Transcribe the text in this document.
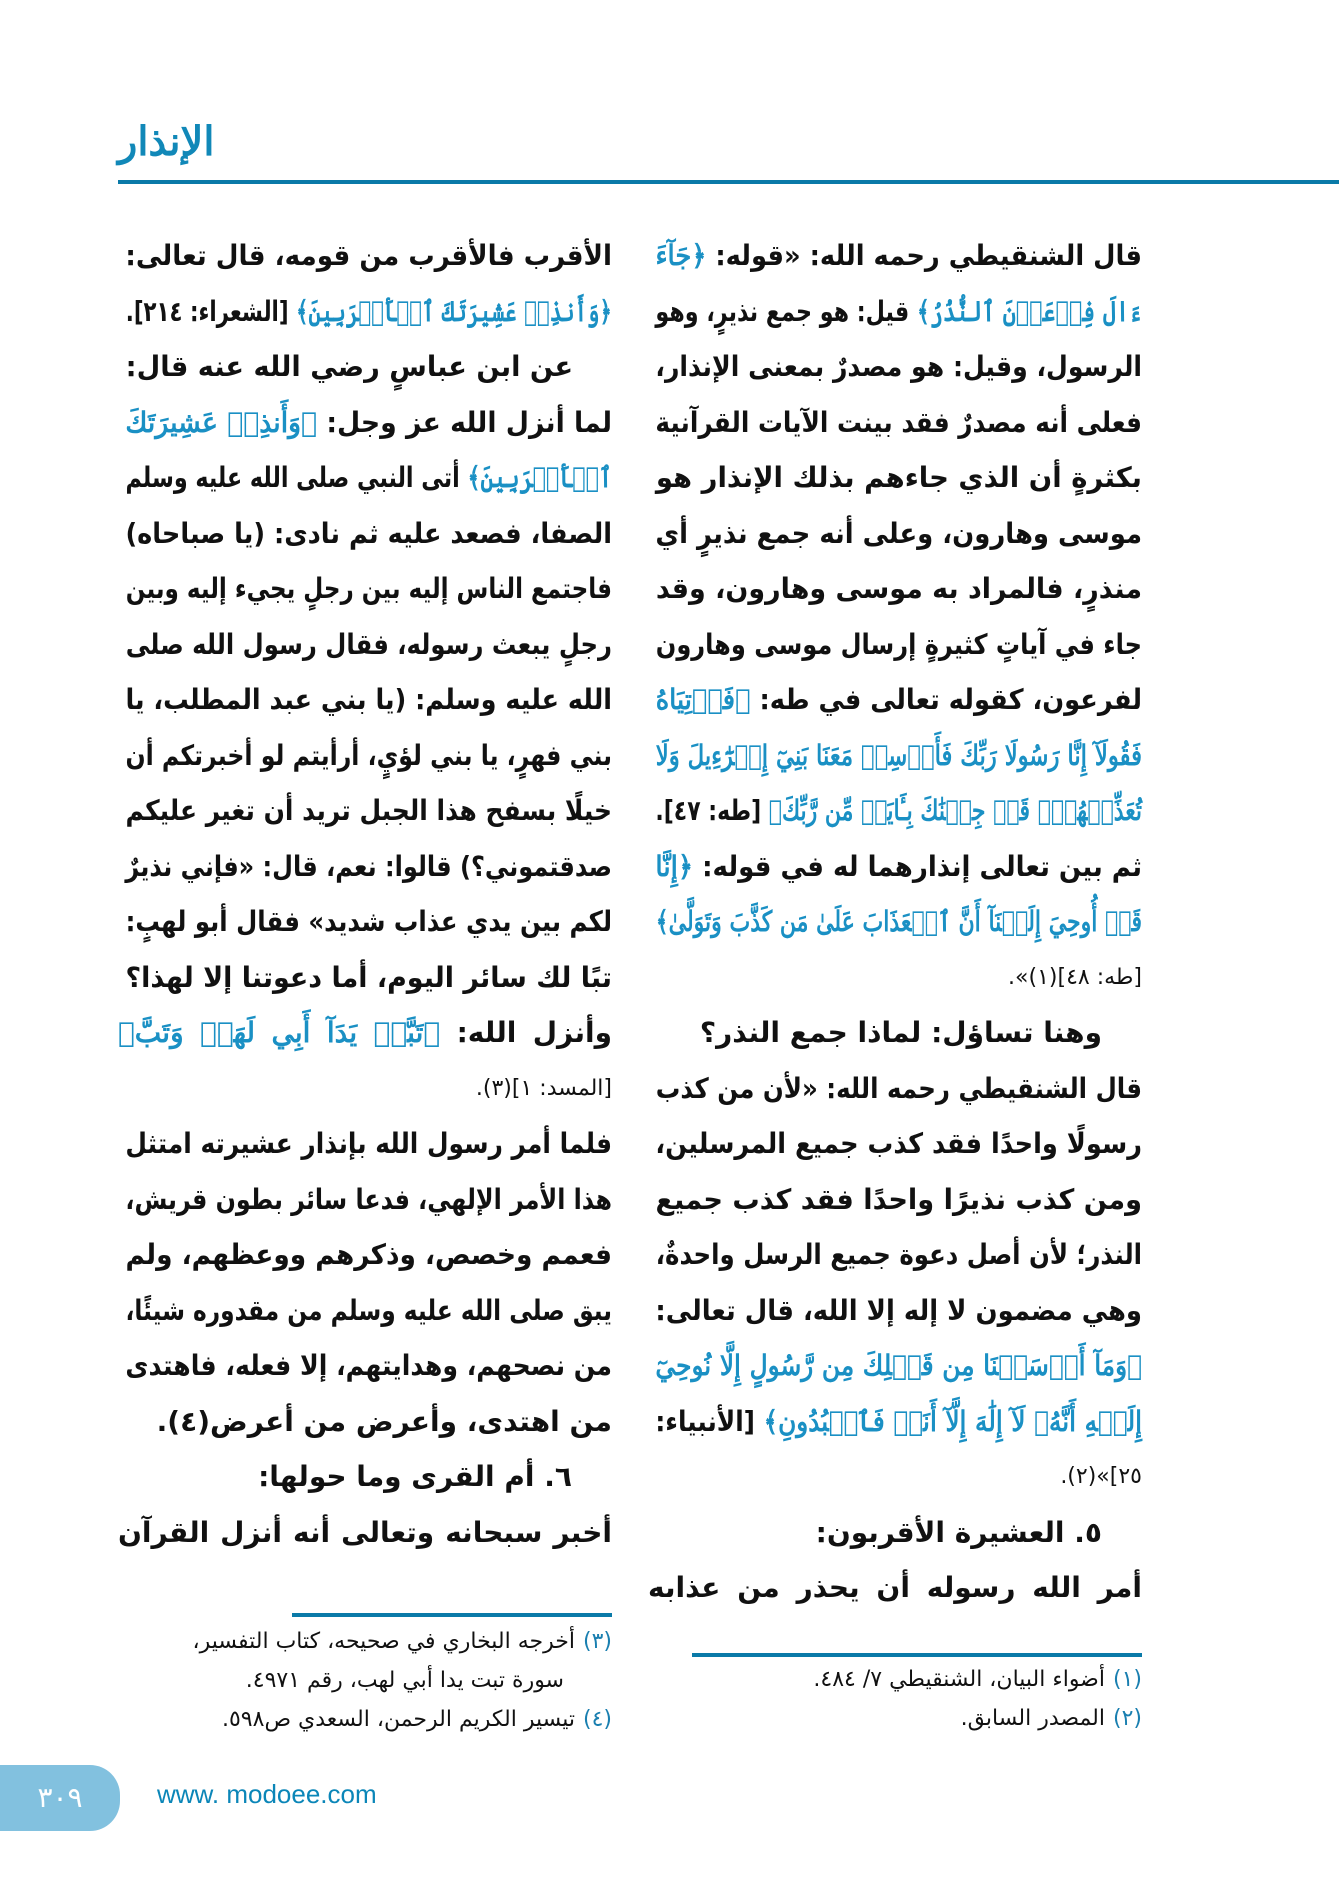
الإنذار
قال الشنقيطي رحمه الله: «قوله: ﴿جَآءَ
ءَالَ فِرۡعَوۡنَ ٱلنُّذُرُ﴾ قيل: هو جمع نذيرٍ، وهو
الرسول، وقيل: هو مصدرٌ بمعنى الإنذار،
فعلى أنه مصدرٌ فقد بينت الآيات القرآنية
بكثرةٍ أن الذي جاءهم بذلك الإنذار هو
موسى وهارون، وعلى أنه جمع نذيرٍ أي
منذرٍ، فالمراد به موسى وهارون، وقد
جاء في آياتٍ كثيرةٍ إرسال موسى وهارون
لفرعون، كقوله تعالى في طه: ﴿فَأۡتِيَاهُ
فَقُولَآ إِنَّا رَسُولَا رَبِّكَ فَأَرۡسِلۡ مَعَنَا بَنِيٓ إِسۡرَٰٓءِيلَ وَلَا
تُعَذِّبۡهُمۡۖ قَدۡ جِئۡنَٰكَ بِـَٔايَةٖ مِّن رَّبِّكَ﴾ [طه: ٤٧].
ثم بين تعالى إنذارهما له في قوله: ﴿إِنَّا
قَدۡ أُوحِيَ إِلَيۡنَآ أَنَّ ٱلۡعَذَابَ عَلَىٰ مَن كَذَّبَ وَتَوَلَّىٰ﴾
[طه: ٤٨](١)».
وهنا تساؤل: لماذا جمع النذر؟
قال الشنقيطي رحمه الله: «لأن من كذب
رسولًا واحدًا فقد كذب جميع المرسلين،
ومن كذب نذيرًا واحدًا فقد كذب جميع
النذر؛ لأن أصل دعوة جميع الرسل واحدةٌ،
وهي مضمون لا إله إلا الله، قال تعالى:
﴿وَمَآ أَرۡسَلۡنَا مِن قَبۡلِكَ مِن رَّسُولٍ إِلَّا نُوحِيٓ
إِلَيۡهِ أَنَّهُۥ لَآ إِلَٰهَ إِلَّآ أَنَا۠ فَٱعۡبُدُونِ﴾ [الأنبياء:
٢٥]»(٢).
٥. العشيرة الأقربون:
أمر الله رسوله أن يحذر من عذابه
الأقرب فالأقرب من قومه، قال تعالى:
﴿وَأَنذِرۡ عَشِيرَتَكَ ٱلۡأَقۡرَبِينَ﴾ [الشعراء: ٢١٤].
عن ابن عباسٍ رضي الله عنه قال:
لما أنزل الله عز وجل: ﴿وَأَنذِرۡ عَشِيرَتَكَ
ٱلۡأَقۡرَبِينَ﴾ أتى النبي صلى الله عليه وسلم
الصفا، فصعد عليه ثم نادى: (يا صباحاه)
فاجتمع الناس إليه بين رجلٍ يجيء إليه وبين
رجلٍ يبعث رسوله، فقال رسول الله صلى
الله عليه وسلم: (يا بني عبد المطلب، يا
بني فهرٍ، يا بني لؤيٍ، أرأيتم لو أخبرتكم أن
خيلًا بسفح هذا الجبل تريد أن تغير عليكم
صدقتموني؟) قالوا: نعم، قال: «فإني نذيرٌ
لكم بين يدي عذاب شديد» فقال أبو لهبٍ:
تبًا لك سائر اليوم، أما دعوتنا إلا لهذا؟
وأنزل الله: ﴿تَبَّتۡ يَدَآ أَبِي لَهَبٖ وَتَبَّ﴾
[المسد: ١](٣).
فلما أمر رسول الله بإنذار عشيرته امتثل
هذا الأمر الإلهي، فدعا سائر بطون قريش،
فعمم وخصص، وذكرهم ووعظهم، ولم
يبق صلى الله عليه وسلم من مقدوره شيئًا،
من نصحهم، وهدايتهم، إلا فعله، فاهتدى
من اهتدى، وأعرض من أعرض(٤).
٦. أم القرى وما حولها:
أخبر سبحانه وتعالى أنه أنزل القرآن
(١)أضواء البيان، الشنقيطي ٧/ ٤٨٤.
(٢)المصدر السابق.
(٣)أخرجه البخاري في صحيحه، كتاب التفسير،
سورة تبت يدا أبي لهب، رقم ٤٩٧١.
(٤)تيسير الكريم الرحمن، السعدي ص٥٩٨.
٣٠٩	www. modoee.com
